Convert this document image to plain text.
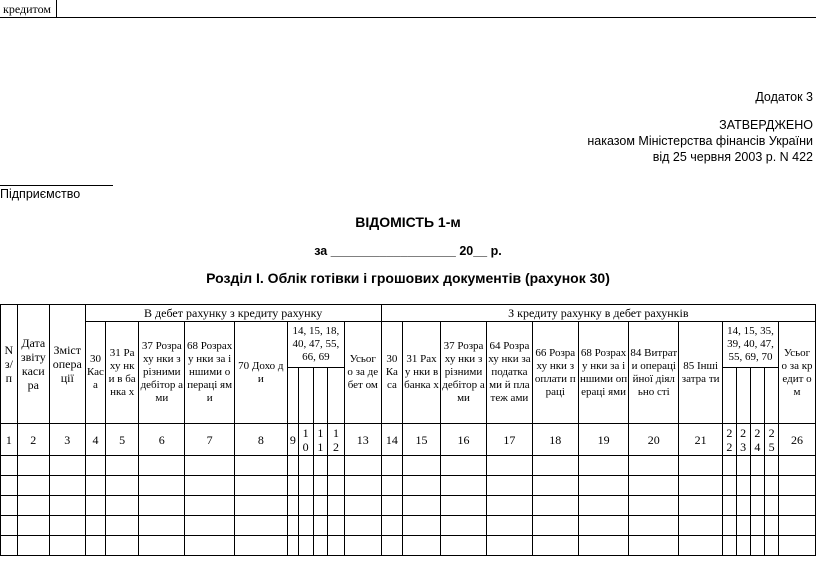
кредитом
Додаток 3
ЗАТВЕРДЖЕНО
наказом Міністерства фінансів України
від 25 червня 2003 р. N 422
Підприємство
ВІДОМІСТЬ 1-м
за __________________ 20__ р.
Розділ І. Облік готівки і грошових документів (рахунок 30)
N з/п	Дата звіту каси ра	Зміст опера ції	В дебет рахунку з кредиту рахунку										З кредиту рахунку в дебет рахунків												
			30 Кас а	31 Раху нки в банка х	37 Розраху нки з різними дебітор ами	68 Розраху нки за іншими операці ями	70 Дохо ди	14, 15, 18, 40, 47, 55, 66, 69				Усьог о за дебет ом	30 Ка са	31 Раху нки в банка х	37 Розраху нки з різними дебітор ами	64 Розраху нки за податка ми й платеж ами	66 Розраху нки з оплати праці	68 Розраху нки за іншими операці ями	84 Витрат и операці йної діяльно сті	85 Інші затра ти	14, 15, 35, 39, 40, 47, 55, 69, 70				Усьог о за кредит ом

1	2	3	4	5	6	7	8	9	1 0	1 1	1 2	13	14	15	16	17	18	19	20	21	2 2	2 3	2 4	2 5	26
